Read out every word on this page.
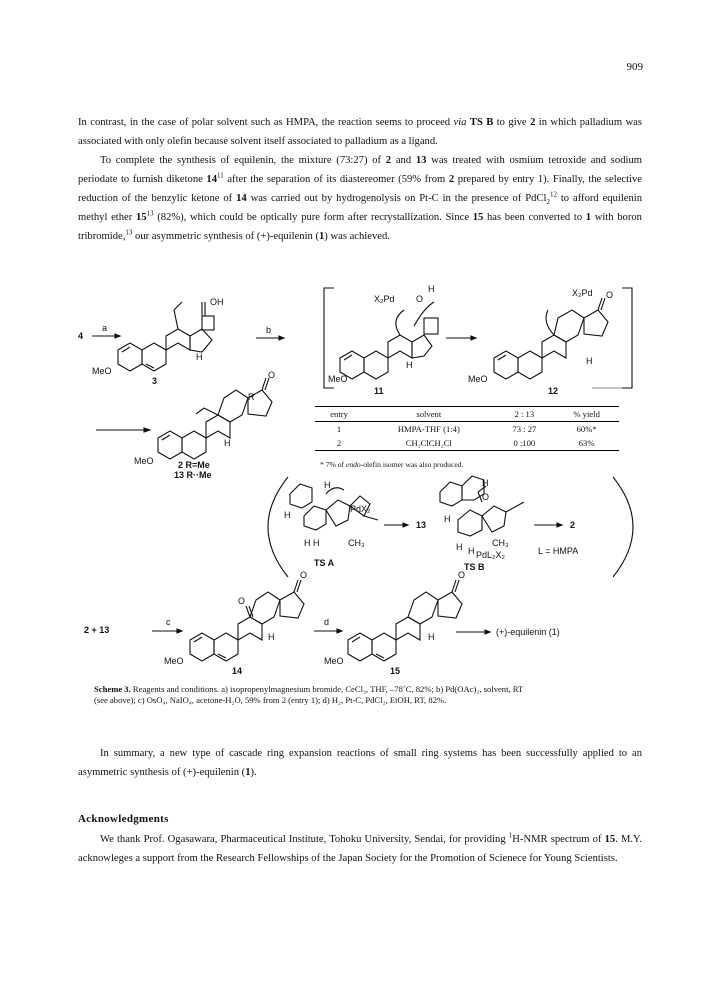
909

In contrast, in the case of polar solvent such as HMPA, the reaction seems to proceed via TS B to give 2 in which palladium was associated with only olefin because solvent itself associated to palladium as a ligand.

To complete the synthesis of equilenin, the mixture (73:27) of 2 and 13 was treated with osmium tetroxide and sodium periodate to furnish diketone $14^{11}$ after the separation of its diastereomer (59% from 2 prepared by entry 1). Finally, the selective reduction of the benzylic ketone of 14 was carried out by hydrogenolysis on Pt-C in the presence of PdCl$_2^{12}$ to afford equilenin methyl ether $15^{13}$ (82%), which could be optically pure form after recrystallization. Since 15 has been converted to 1 with boron tribromide,$^{13}$ our asymmetric synthesis of (+)-equilenin (1) was achieved.

4
a
OH
H
MeO
3
b
X₂Pd O
H
H
MeO
11
X₂Pd O
H
MeO
12
R
O
H
MeO	2 R=Me
13 R··Me
entry	solvent	2 : 13	% yield
1	HMPA-THF (1:4)	73 : 27	60%*
2	CH₂ClCH₂Cl	0 :100	63%
* 7% of endo-olefin isomer was also produced.
H
PdX₂
H
H H	CH₃
TS A
13
H
O
H
H H PdL₂X₂
CH₃
TS B
2
L = HMPA
2 + 13
c
O
O
H
MeO
14
d
O
H
MeO
15
(+)-equilenin (1)
Scheme 3. Reagents and conditions. a) isopropenylmagnesium bromide, CeCl₃, THF, –78˚C, 82%; b) Pd(OAc)₂, solvent, RT (see above); c) OsO₄, NaIO₄, acetone-H₂O, 59% from 2 (entry 1); d) H₂, Pt-C, PdCl₂, EtOH, RT, 82%.

In summary, a new type of cascade ring expansion reactions of small ring systems has been successfully applied to an asymmetric synthesis of (+)-equilenin (1).

Acknowledgments

We thank Prof. Ogasawara, Pharmaceutical Institute, Tohoku University, Sendai, for providing $^1$H-NMR spectrum of 15. M.Y. acknowleges a support from the Research Fellowships of the Japan Society for the Promotion of Scienece for Young Scientists.
